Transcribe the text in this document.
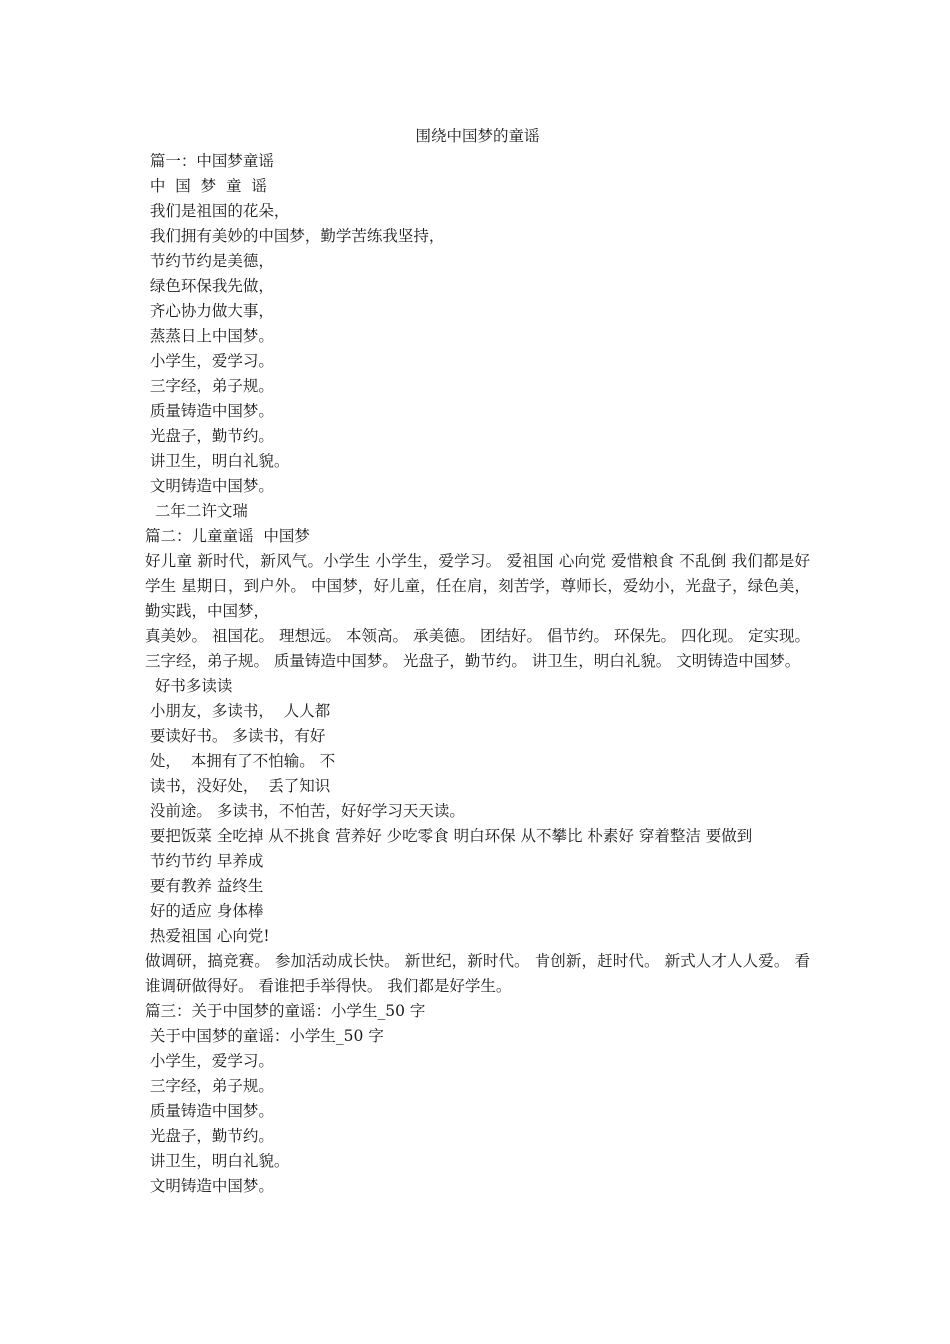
围绕中国梦的童谣
篇一：中国梦童谣
中  国  梦  童  谣
我们是祖国的花朵，
我们拥有美妙的中国梦，勤学苦练我坚持，
节约节约是美德，
绿色环保我先做，
齐心协力做大事，
蒸蒸日上中国梦。
小学生，爱学习。
三字经，弟子规。
质量铸造中国梦。
光盘子，勤节约。
讲卫生，明白礼貌。
文明铸造中国梦。
二年二许文瑞
篇二：儿童童谣  中国梦
好儿童 新时代，新风气。小学生 小学生，爱学习。 爱祖国 心向党 爱惜粮食 不乱倒 我们都是好学生 星期日，到户外。 中国梦，好儿童，任在肩，刻苦学，尊师长，爱幼小，光盘子，绿色美，勤实践，中国梦，
真美妙。 祖国花。 理想远。 本领高。 承美德。 团结好。 倡节约。 环保先。 四化现。 定实现。 三字经，弟子规。 质量铸造中国梦。 光盘子，勤节约。 讲卫生，明白礼貌。 文明铸造中国梦。
好书多读读
小朋友，多读书，  人人都
要读好书。 多读书，有好
处，  本拥有了不怕输。 不
读书，没好处，  丢了知识
没前途。 多读书，不怕苦，好好学习天天读。
要把饭菜 全吃掉 从不挑食 营养好 少吃零食 明白环保 从不攀比 朴素好 穿着整洁 要做到
节约节约 早养成
要有教养 益终生
好的适应 身体棒
热爱祖国 心向党!
做调研，搞竞赛。 参加活动成长快。 新世纪，新时代。 肯创新，赶时代。 新式人才人人爱。 看谁调研做得好。 看谁把手举得快。 我们都是好学生。
篇三：关于中国梦的童谣：小学生_50 字
关于中国梦的童谣：小学生_50 字
小学生，爱学习。
三字经，弟子规。
质量铸造中国梦。
光盘子，勤节约。
讲卫生，明白礼貌。
文明铸造中国梦。
